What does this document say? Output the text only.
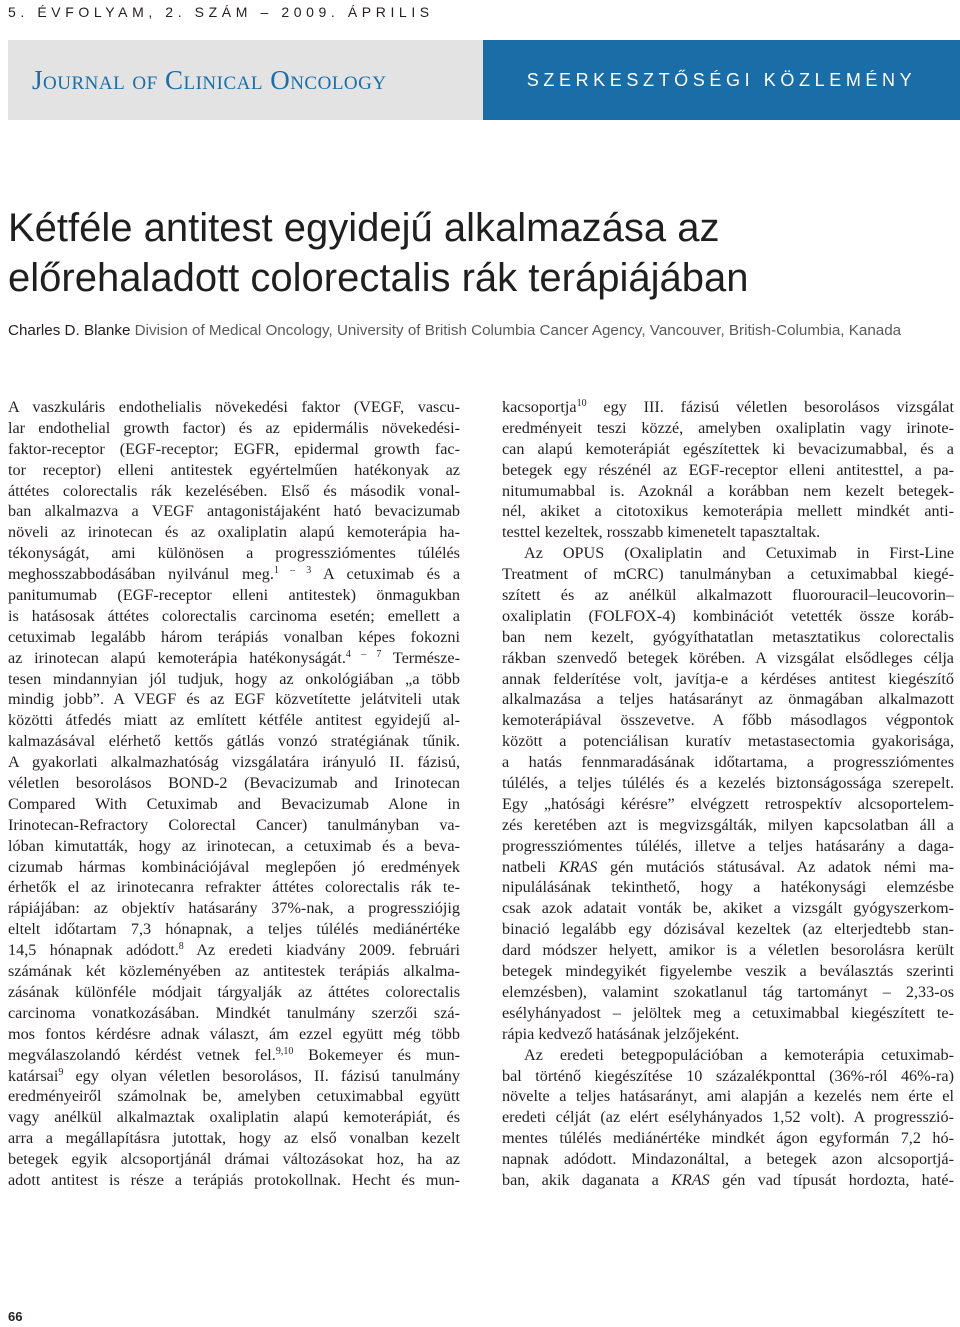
5. ÉVFOLYAM, 2. SZÁM – 2009. ÁPRILIS
Journal of Clinical Oncology	SZERKESZTŐSÉGI KÖZLEMÉNY
Kétféle antitest egyidejű alkalmazása az előrehaladott colorectalis rák terápiájában
Charles D. Blanke Division of Medical Oncology, University of British Columbia Cancer Agency, Vancouver, British-Columbia, Kanada
A vaszkuláris endothelialis növekedési faktor (VEGF, vascu-
lar endothelial growth factor) és az epidermális növekedési-
faktor-receptor (EGF-receptor; EGFR, epidermal growth fac-
tor receptor) elleni antitestek egyértelműen hatékonyak az
áttétes colorectalis rák kezelésében. Első és második vonal-
ban alkalmazva a VEGF antagonistájaként ható bevacizumab
növeli az irinotecan és az oxaliplatin alapú kemoterápia ha-
tékonyságát, ami különösen a progressziómentes túlélés
meghosszabbodásában nyilvánul meg.$^{1 - 3}$ A cetuximab és a
panitumumab (EGF-receptor elleni antitestek) önmagukban
is hatásosak áttétes colorectalis carcinoma esetén; emellett a
cetuximab legalább három terápiás vonalban képes fokozni
az irinotecan alapú kemoterápia hatékonyságát.$^{4 - 7}$ Természe-
tesen mindannyian jól tudjuk, hogy az onkológiában „a több
mindig jobb”. A VEGF és az EGF közvetítette jelátviteli utak
közötti átfedés miatt az említett kétféle antitest egyidejű al-
kalmazásával elérhető kettős gátlás vonzó stratégiának tűnik.
A gyakorlati alkalmazhatóság vizsgálatára irányuló II. fázisú,
véletlen besorolásos BOND-2 (Bevacizumab and Irinotecan
Compared With Cetuximab and Bevacizumab Alone in
Irinotecan-Refractory Colorectal Cancer) tanulmányban va-
lóban kimutatták, hogy az irinotecan, a cetuximab és a beva-
cizumab hármas kombinációjával meglepően jó eredmények
érhetők el az irinotecanra refrakter áttétes colorectalis rák te-
rápiájában: az objektív hatásarány 37%-nak, a progressziójig
eltelt időtartam 7,3 hónapnak, a teljes túlélés mediánértéke
14,5 hónapnak adódott.$^8$ Az eredeti kiadvány 2009. februári
számának két közleményében az antitestek terápiás alkalma-
zásának különféle módjait tárgyalják az áttétes colorectalis
carcinoma vonatkozásában. Mindkét tanulmány szerzői szá-
mos fontos kérdésre adnak választ, ám ezzel együtt még több
megválaszolandó kérdést vetnek fel.$^{9,10}$ Bokemeyer és mun-
katársai$^9$ egy olyan véletlen besorolásos, II. fázisú tanulmány
eredményeiről számolnak be, amelyben cetuximabbal együtt
vagy anélkül alkalmaztak oxaliplatin alapú kemoterápiát, és
arra a megállapításra jutottak, hogy az első vonalban kezelt
betegek egyik alcsoportjánál drámai változásokat hoz, ha az
adott antitest is része a terápiás protokollnak. Hecht és mun-
kacsoportja$^{10}$ egy III. fázisú véletlen besorolásos vizsgálat
eredményeit teszi közzé, amelyben oxaliplatin vagy irinote-
can alapú kemoterápiát egészítettek ki bevacizumabbal, és a
betegek egy részénél az EGF-receptor elleni antitesttel, a pa-
nitumumabbal is. Azoknál a korábban nem kezelt betegek-
nél, akiket a citotoxikus kemoterápia mellett mindkét anti-
testtel kezeltek, rosszabb kimenetelt tapasztaltak.
Az OPUS (Oxaliplatin and Cetuximab in First-Line
Treatment of mCRC) tanulmányban a cetuximabbal kiegé-
szített és az anélkül alkalmazott fluorouracil–leucovorin–
oxaliplatin (FOLFOX-4) kombinációt vetették össze koráb-
ban nem kezelt, gyógyíthatatlan metasztatikus colorectalis
rákban szenvedő betegek körében. A vizsgálat elsődleges célja
annak felderítése volt, javítja-e a kérdéses antitest kiegészítő
alkalmazása a teljes hatásarányt az önmagában alkalmazott
kemoterápiával összevetve. A főbb másodlagos végpontok
között a potenciálisan kuratív metastasectomia gyakorisága,
a hatás fennmaradásának időtartama, a progressziómentes
túlélés, a teljes túlélés és a kezelés biztonságossága szerepelt.
Egy „hatósági kérésre” elvégzett retrospektív alcsoportelem-
zés keretében azt is megvizsgálták, milyen kapcsolatban áll a
progressziómentes túlélés, illetve a teljes hatásarány a daga-
natbeli KRAS gén mutációs státusával. Az adatok némi ma-
nipulálásának tekinthető, hogy a hatékonysági elemzésbe
csak azok adatait vonták be, akiket a vizsgált gyógyszerkom-
binació legalább egy dózisával kezeltek (az elterjedtebb stan-
dard módszer helyett, amikor is a véletlen besorolásra került
betegek mindegyikét figyelembe veszik a beválasztás szerinti
elemzésben), valamint szokatlanul tág tartományt – 2,33-os
esélyhányadost – jelöltek meg a cetuximabbal kiegészített te-
rápia kedvező hatásának jelzőjeként.
Az eredeti betegpopulációban a kemoterápia cetuximab-
bal történő kiegészítése 10 százalékponttal (36%-ról 46%-ra)
növelte a teljes hatásarányt, ami alapján a kezelés nem érte el
eredeti célját (az elért esélyhányados 1,52 volt). A progresszió-
mentes túlélés mediánértéke mindkét ágon egyformán 7,2 hó-
napnak adódott. Mindazonáltal, a betegek azon alcsoportjá-
ban, akik daganata a KRAS gén vad típusát hordozta, haté-
66
